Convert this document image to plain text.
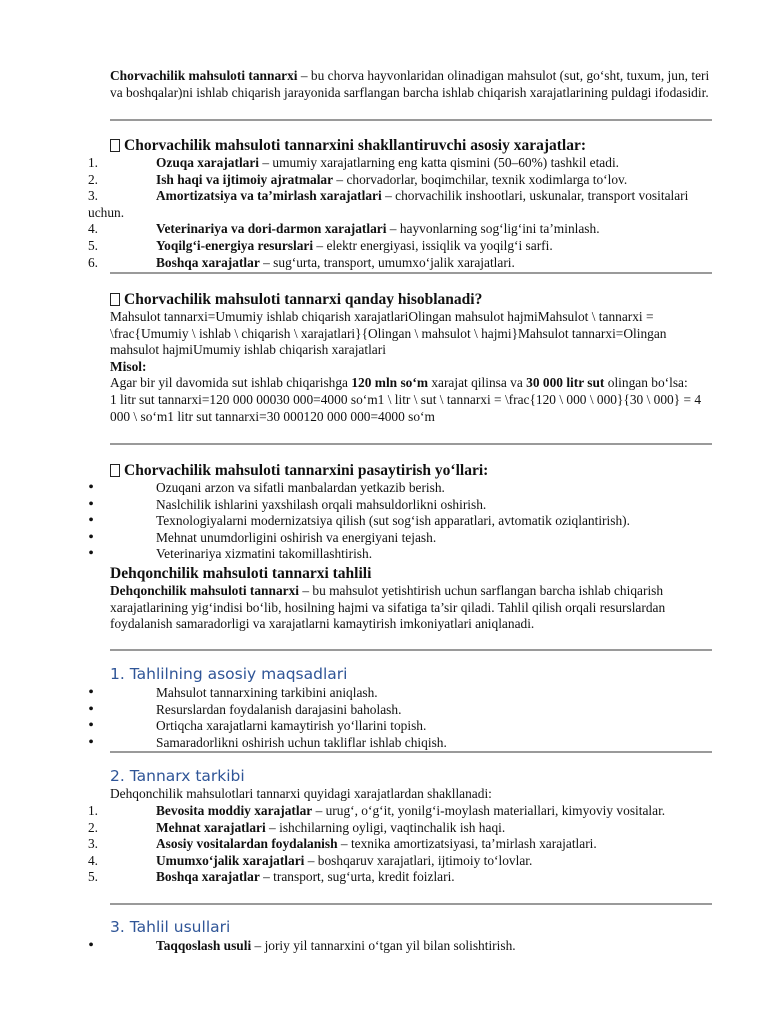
Chorvachilik mahsuloti tannarxi – bu chorva hayvonlaridan olinadigan mahsulot (sut, go‘sht, tuxum, jun, teri va boshqalar)ni ishlab chiqarish jarayonida sarflangan barcha ishlab chiqarish xarajatlarining puldagi ifodasidir.

Chorvachilik mahsuloti tannarxini shakllantiruvchi asosiy xarajatlar:
1.	Ozuqa xarajatlari – umumiy xarajatlarning eng katta qismini (50–60%) tashkil etadi.
2.	Ish haqi va ijtimoiy ajratmalar – chorvadorlar, boqimchilar, texnik xodimlarga to‘lov.
3.	Amortizatsiya va ta’mirlash xarajatlari – chorvachilik inshootlari, uskunalar, transport vositalari uchun.
4.	Veterinariya va dori-darmon xarajatlari – hayvonlarning sog‘lig‘ini ta’minlash.
5.	Yoqilg‘i-energiya resurslari – elektr energiyasi, issiqlik va yoqilg‘i sarfi.
6.	Boshqa xarajatlar – sug‘urta, transport, umumxo‘jalik xarajatlari.
Chorvachilik mahsuloti tannarxi qanday hisoblanadi?

Mahsulot tannarxi=Umumiy ishlab chiqarish xarajatlariOlingan mahsulot hajmiMahsulot \ tannarxi = \frac{Umumiy \ ishlab \ chiqarish \ xarajatlari}{Olingan \ mahsulot \ hajmi}Mahsulot tannarxi=Olingan mahsulot hajmiUmumiy ishlab chiqarish xarajatlari

Misol:

Agar bir yil davomida sut ishlab chiqarishga 120 mln so‘m xarajat qilinsa va 30 000 litr sut olingan bo‘lsa:

1 litr sut tannarxi=120 000 00030 000=4000 so‘m1 \ litr \ sut \ tannarxi = \frac{120 \ 000 \ 000}{30 \ 000} = 4 000 \ so‘m1 litr sut tannarxi=30 000120 000 000=4000 so‘m

Chorvachilik mahsuloti tannarxini pasaytirish yo‘llari:
•	Ozuqani arzon va sifatli manbalardan yetkazib berish.
•	Naslchilik ishlarini yaxshilash orqali mahsuldorlikni oshirish.
•	Texnologiyalarni modernizatsiya qilish (sut sog‘ish apparatlari, avtomatik oziqlantirish).
•	Mehnat unumdorligini oshirish va energiyani tejash.
•	Veterinariya xizmatini takomillashtirish.
Dehqonchilik mahsuloti tannarxi tahlili

Dehqonchilik mahsuloti tannarxi – bu mahsulot yetishtirish uchun sarflangan barcha ishlab chiqarish xarajatlarining yig‘indisi bo‘lib, hosilning hajmi va sifatiga ta’sir qiladi. Tahlil qilish orqali resurslardan foydalanish samaradorligi va xarajatlarni kamaytirish imkoniyatlari aniqlanadi.

1. Tahlilning asosiy maqsadlari
•	Mahsulot tannarxining tarkibini aniqlash.
•	Resurslardan foydalanish darajasini baholash.
•	Ortiqcha xarajatlarni kamaytirish yo‘llarini topish.
•	Samaradorlikni oshirish uchun takliflar ishlab chiqish.
2. Tannarx tarkibi
Dehqonchilik mahsulotlari tannarxi quyidagi xarajatlardan shakllanadi:
1.	Bevosita moddiy xarajatlar – urug‘, o‘g‘it, yonilg‘i-moylash materiallari, kimyoviy vositalar.
2.	Mehnat xarajatlari – ishchilarning oyligi, vaqtinchalik ish haqi.
3.	Asosiy vositalardan foydalanish – texnika amortizatsiyasi, ta’mirlash xarajatlari.
4.	Umumxo‘jalik xarajatlari – boshqaruv xarajatlari, ijtimoiy to‘lovlar.
5.	Boshqa xarajatlar – transport, sug‘urta, kredit foizlari.
3. Tahlil usullari
•	Taqqoslash usuli – joriy yil tannarxini o‘tgan yil bilan solishtirish.
